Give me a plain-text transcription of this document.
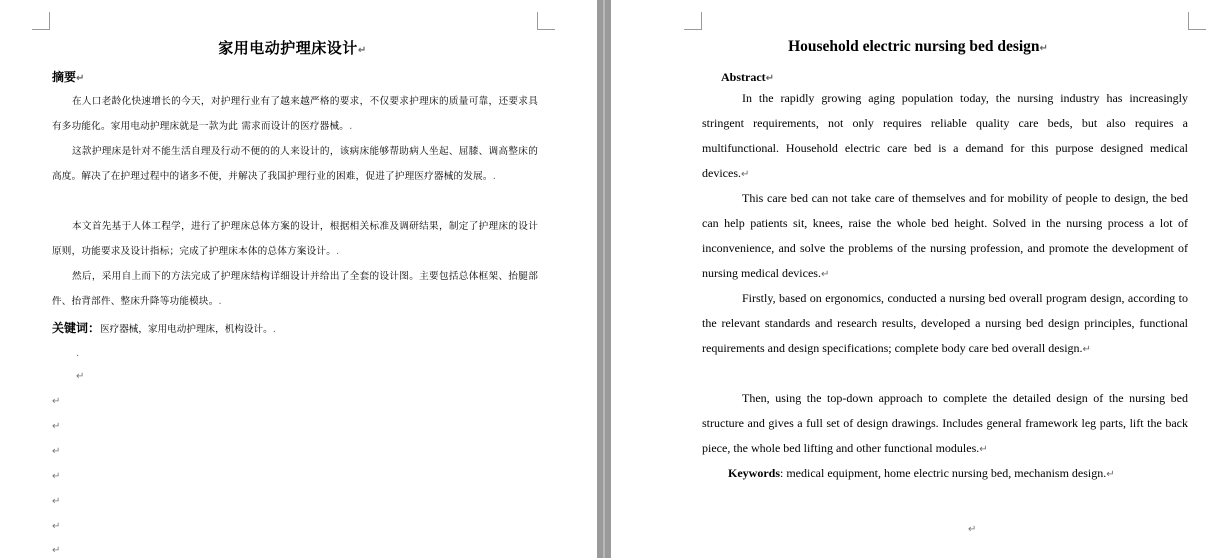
家用电动护理床设计↵
摘要↵
在人口老龄化快速增长的今天，对护理行业有了越来越严格的要求，不仅要求护理床的质量可靠，还要求具有多功能化。家用电动护理床就是一款为此 需求而设计的医疗器械。.
这款护理床是针对不能生活自理及行动不便的的人来设计的，该病床能够帮助病人坐起、屈膝、调高整床的高度。解决了在护理过程中的诸多不便，并解决了我国护理行业的困难，促进了护理医疗器械的发展。.
本文首先基于人体工程学，进行了护理床总体方案的设计，根据相关标准及调研结果，制定了护理床的设计原则，功能要求及设计指标；完成了护理床本体的总体方案设计。.
然后，采用自上而下的方法完成了护理床结构详细设计并给出了全套的设计图。主要包括总体框架、抬腿部件、抬背部件、整床升降等功能模块。.
关键词：医疗器械，家用电动护理床，机构设计。.
.
↵
↵
↵
↵
↵
↵
↵
↵
Household electric nursing bed design↵
Abstract↵
In the rapidly growing aging population today, the nursing industry has increasingly stringent requirements, not only requires reliable quality care beds, but also requires a multifunctional. Household electric care bed is a demand for this purpose designed medical devices.↵
This care bed can not take care of themselves and for mobility of people to design, the bed can help patients sit, knees, raise the whole bed height. Solved in the nursing process a lot of inconvenience, and solve the problems of the nursing profession, and promote the development of nursing medical devices.↵
Firstly, based on ergonomics, conducted a nursing bed overall program design, according to the relevant standards and research results, developed a nursing bed design principles, functional requirements and design specifications; complete body care bed overall design.↵
Then, using the top-down approach to complete the detailed design of the nursing bed structure and gives a full set of design drawings. Includes general framework leg parts, lift the back piece, the whole bed lifting and other functional modules.↵
Keywords: medical equipment, home electric nursing bed, mechanism design.↵
↵
